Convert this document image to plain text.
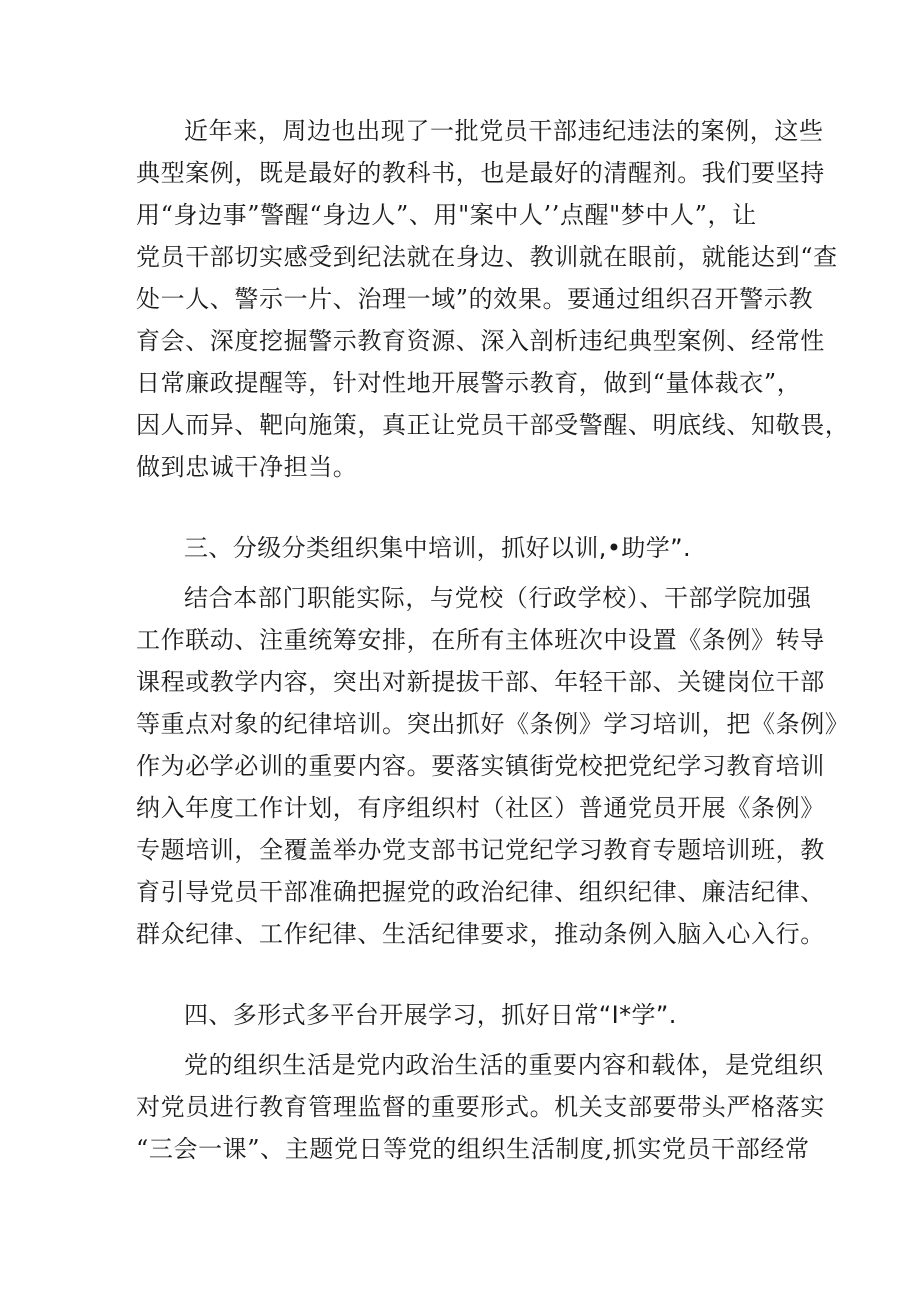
近年来，周边也出现了一批党员干部违纪违法的案例，这些
典型案例，既是最好的教科书，也是最好的清醒剂。我们要坚持
用“身边事”警醒“身边人”、用"案中人’’点醒"梦中人”，让
党员干部切实感受到纪法就在身边、教训就在眼前，就能达到“查
处一人、警示一片、治理一域”的效果。要通过组织召开警示教
育会、深度挖掘警示教育资源、深入剖析违纪典型案例、经常性
日常廉政提醒等，针对性地开展警示教育，做到“量体裁衣”，
因人而异、靶向施策，真正让党员干部受警醒、明底线、知敬畏，
做到忠诚干净担当。
三、分级分类组织集中培训，抓好以训,•助学”.
结合本部门职能实际，与党校（行政学校）、干部学院加强
工作联动、注重统筹安排，在所有主体班次中设置《条例》转导
课程或教学内容，突出对新提拔干部、年轻干部、关键岗位干部
等重点对象的纪律培训。突出抓好《条例》学习培训，把《条例》
作为必学必训的重要内容。要落实镇街党校把党纪学习教育培训
纳入年度工作计划，有序组织村（社区）普通党员开展《条例》
专题培训，全覆盖举办党支部书记党纪学习教育专题培训班，教
育引导党员干部准确把握党的政治纪律、组织纪律、廉洁纪律、
群众纪律、工作纪律、生活纪律要求，推动条例入脑入心入行。
四、多形式多平台开展学习，抓好日常“I*学”.
党的组织生活是党内政治生活的重要内容和载体，是党组织
对党员进行教育管理监督的重要形式。机关支部要带头严格落实
“三会一课”、主题党日等党的组织生活制度,抓实党员干部经常
